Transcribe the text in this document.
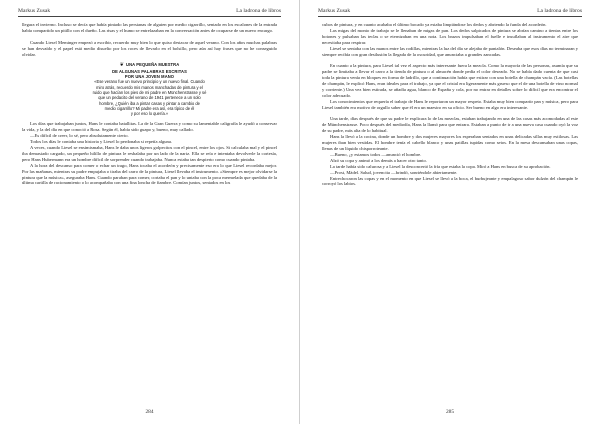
Markus Zusak	La ladrona de libros

llegara el invierno. Incluso se decía que había pintado las persianas de alguien por medio cigarrillo, sentado en los escalones de la entrada había compartido un pitillo con el dueño. Las risas y el humo se entrelazaban en la conversación antes de ocuparse de un nuevo encargo.

Cuando Liesel Meminger empezó a escribir, recuerdo muy bien lo que quiso destacar de aquel verano. Con los años muchas palabras se han desvaído y el papel está medio disuelto por los roces de llevarlo en el bolsillo, pero aún así hay frases que no he conseguido olvidar.

❦ UNA PEQUEÑA MUESTRA
DE ALGUNAS PALABRAS ESCRITAS
POR UNA JOVEN MANO
«Ese verano fue un nuevo principio y un nuevo final. Cuando
miro atrás, recuerdo mis manos manchadas de pintura y el
ruido que hacían los pies de mi padre en Münchenstrasse y sé
que un pedacito del verano de 1941 pertenece a un solo
hombre, ¿Quién iba a pintar casas y pintar a cambio de
medio cigarrillo? Mi padre era así, era típico de él
y por eso lo quería.»

Los días que trabajaban juntos, Hans le contaba batallitas. La de la Gran Guerra y como su lamentable caligrafía le ayudó a conservar la vida, y la del día en que conoció a Rosa. Según él, había sido guapo y, bueno, muy callado.

—Es difícil de creer, lo sé, pero absolutamente cierto.

Todos los días le contaba una historia y Liesel lo perdonaba si repetía alguna.

A veces, cuando Liesel se ensimismaba, Hans le daba unos ligeros golpecitos con el pincel, entre los ojos. Si calculaba mal y el pincel iba demasiado cargado, un pequeño hilillo de pintura le resbalaba por un lado de la nariz. Ella se reía e intentaba devolverle la cortesía, pero Hans Hubermann era un hombre difícil de sorprender cuando trabajaba. Nunca estaba tan despierto como cuando pintaba.

A la hora del descanso para comer o echar un trago, Hans tocaba el acordeón y precisamente eso era lo que Liesel recordaba mejor. Por las mañanas, mientras su padre empujaba o tiraba del carro de la pintura, Liesel llevaba el instrumento. «Siempre es mejor olvidarse la pintura que la música», aseguraba Hans. Cuando paraban para comer, cortaba el pan y lo untaba con la poca mermelada que quedaba de la última cartilla de racionamiento o lo acompañaba con una fina loncha de fiambre. Comían juntos, sentados en los

284
Markus Zusak	La ladrona de libros

cubos de pintura, y en cuanto acababa el último bocado ya estaba limpiándose los dedos y abriendo la funda del acordeón.

Las migas del monto de trabajo se le llenaban de migas de pan. Los dedos salpicados de pintura se abrían camino a tientas entre los botones y pulsaban las teclas o se eternizaban en una nota. Los brazos impulsaban el fuelle e insuflaban al instrumento el aire que necesitaba para respirar.

Liesel se sentaba con las manos entre las rodillas, mientras la luz del día se alejaba de pantalón. Deseaba que esos días no terminaran y siempre recibía con gran desilusión la llegada de la oscuridad, que anunciaba a grandes zancadas.

En cuanto a la pintura, para Liesel tal vez el aspecto más interesante fuera la mezcla. Como la mayoría de las personas, asumía que su padre se limitaba a llevar el carro a la tienda de pintura o al almacén donde pedía el color deseado. No se había dado cuenta de que casi toda la pintura venía en bloques en forma de ladrillo, que a continuación había que estirar con una botella de champán vacía. (Las botellas de champán, le explicó Hans, eran ideales para el trabajo, ya que el cristal era ligeramente más grueso que el de una botella de vino normal y corriente.) Una vez bien estirada, se añadía agua, blanco de España y cola, por no entrar en detalles sobre lo difícil que era encontrar el color adecuado.

Los conocimientos que requería el trabajo de Hans le reportaron un mayor respeto. Estaba muy bien compartir pan y música, pero para Liesel también era motivo de orgullo saber que él era un maestro en su oficio. Ser bueno en algo era interesante.

Una tarde, días después de que su padre le explicara lo de las mezclas, estaban trabajando en una de las casas más acomodadas al este de Münchenstrasse. Poco después del mediodía, Hans la llamó para que entrara. Estaban a punto de ir a una nueva casa cuando oyó la voz de su padre, más alta de lo habitual.

Hans la llevó a la cocina, donde un hombre y dos mujeres mayores los esperaban sentados en unas delicadas sillas muy estilosas. Las mujeres iban bien vestidas. El hombre tenía el cabello blanco y unas patillas tupidas como setos. En la mesa descansaban unas copas, llenas de un líquido chisporroteante.

—Bueno, ¿y estamos todos —anunció el hombre.

Alzó su copa y animó a los demás a hacer otro tanto.

La tarde había sido calurosa y a Liesel la desconcertó la fría que estaba la copa. Miró a Hans en busca de su aprobación.

—Prost, Mädel. Salud, jovencita —brindó, sonriéndole abiertamente.

Entrechocaron las copas y en el momento en que Liesel se llevó a la boca, el burbujeante y empalagoso sabor dulzón del champán le corroyó los labios.

285
